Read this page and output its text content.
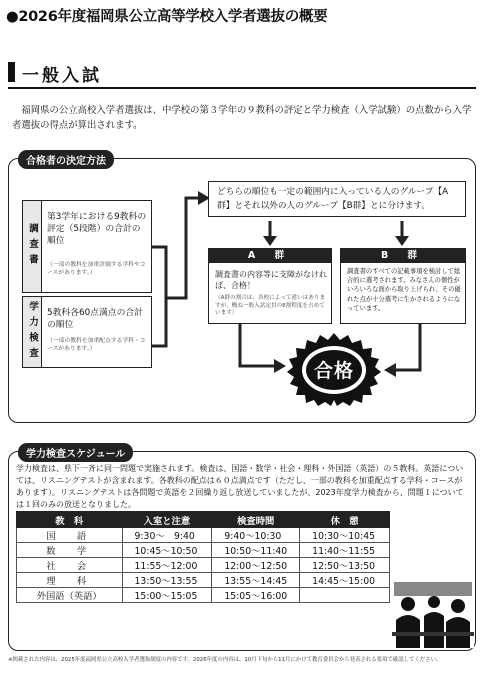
●2026年度福岡県公立高等学校入学者選抜の概要
一般入試
福岡県の公立高校入学者選抜は、中学校の第３学年の９教科の評定と学力検査（入学試験）の点数から入学者選抜の得点が算出されます。
合格者の決定方法
調査書
第3学年における9教科の評定（5段階）の合計の順位
（一部の教科を加重評価する学科やコースがあります。）
学力検査	5教科各60点満点の合計の順位
（一部の教科を加重配点する学科・コースがあります。）
どちらの順位も一定の範囲内に入っている人のグループ【A群】とそれ以外の人のグループ【B群】とに分けます。
A 群
調査書の内容等に支障がなければ、合格！
（A群の割合は、各校によって違いはありますが、概ね一般入試定員の8割程度を占めています）
B 群
調査書のすべての記載事項を検討して総合的に選考されます。みなさんの個性がいろいろな面から取り上げられ、その優れた点が十分選考に生かされるようになっています。
合格
学力検査スケジュール
学力検査は、県下一斉に同一問題で実施されます。検査は、国語・数学・社会・理科・外国語（英語）の５教科。英語については、リスニングテストが含まれます。各教科の配点は６０点満点です（ただし、一部の教科を加重配点する学科・コースがあります）。リスニングテストは各問題で英語を２回繰り返し放送していましたが、2023年度学力検査から、問題１については１回のみの放送となりました。
教　科	入室と注意	検査時間	休　憩
国　語	9:30～　9:40	9:40～10:30	10:30～10:45
数　学	10:45～10:50	10:50～11:40	11:40～11:55
社　会	11:55～12:00	12:00～12:50	12:50～13:50
理　科	13:50～13:55	13:55～14:45	14:45～15:00
外国語（英語）	15:00～15:05	15:05～16:00	
※掲載された内容は、2025年度福岡県公立高校入学者選抜制度の内容です。2026年度の内容は、10月下旬から11月にかけて教育委員会から発表される要項で確認してください。
